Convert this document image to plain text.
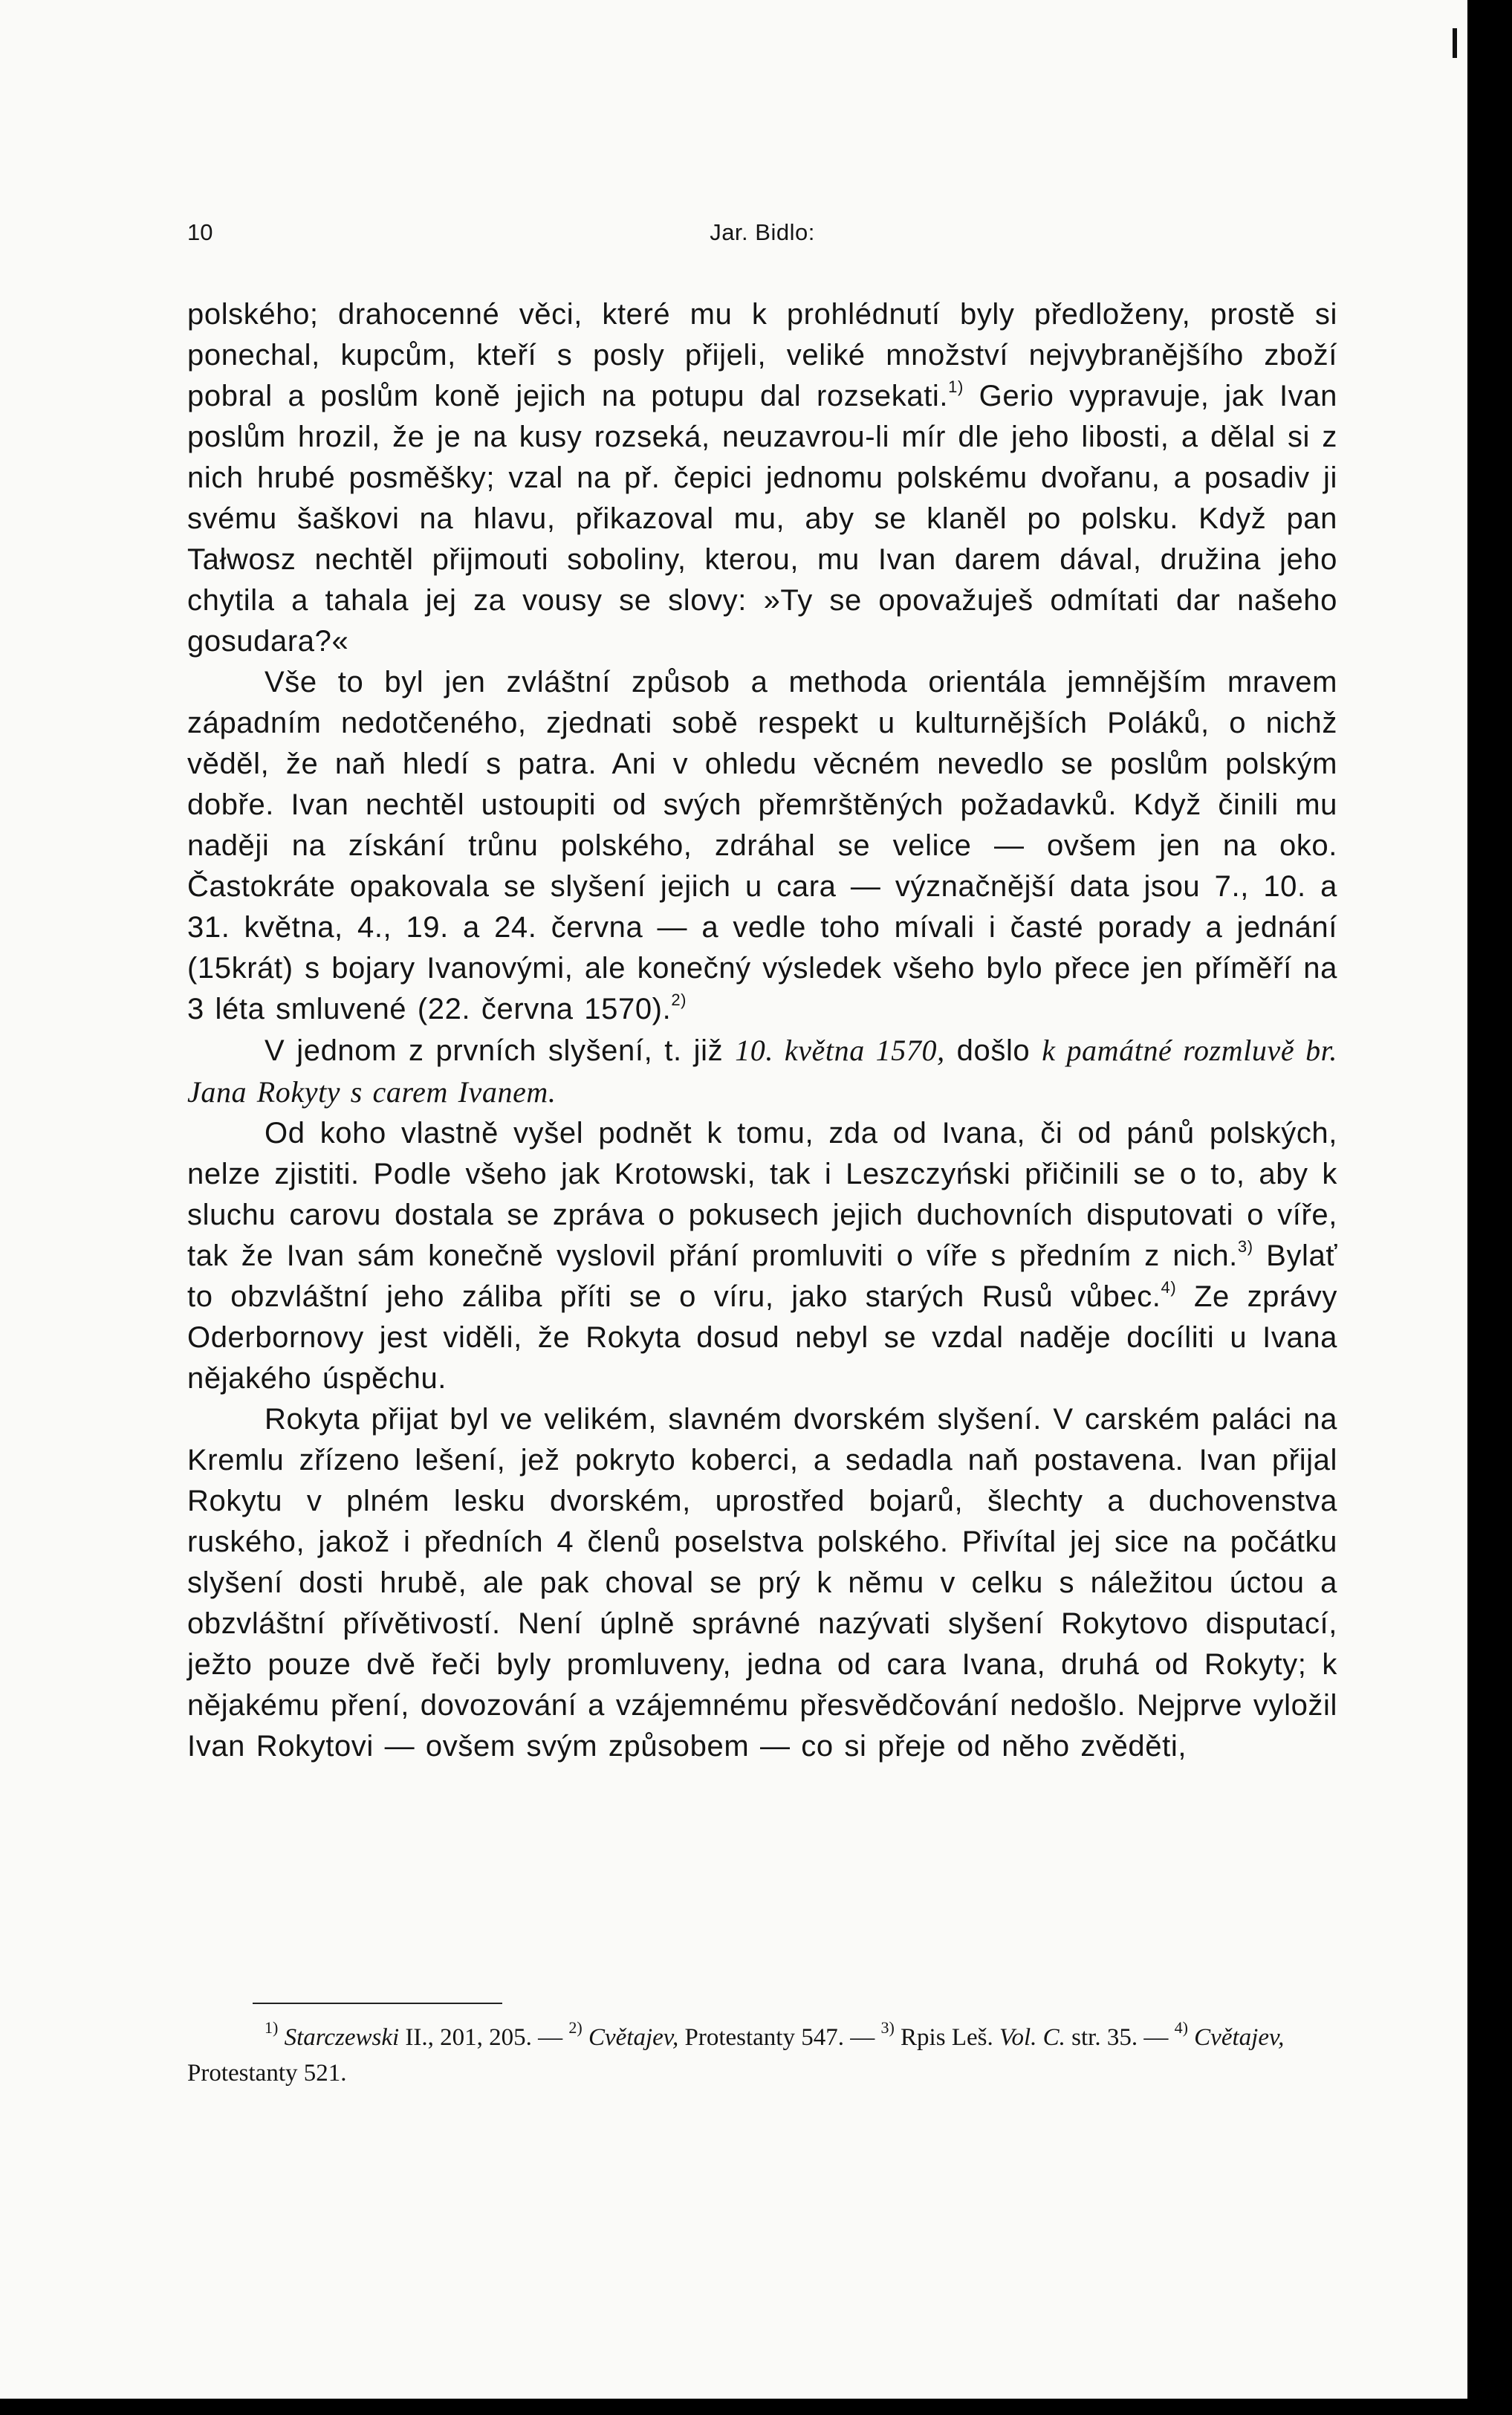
10	Jar. Bidlo:

polského; drahocenné věci, které mu k prohlédnutí byly předloženy, prostě si ponechal, kupcům, kteří s posly přijeli, veliké množství nejvybranějšího zboží pobral a poslům koně jejich na potupu dal rozsekati.$^{1)}$ Gerio vypravuje, jak Ivan poslům hrozil, že je na kusy rozseká, neuzavrou-li mír dle jeho libosti, a dělal si z nich hrubé posměšky; vzal na př. čepici jednomu polskému dvořanu, a posadiv ji svému šaškovi na hlavu, přikazoval mu, aby se klaněl po polsku. Když pan Tałwosz nechtěl přijmouti soboliny, kterou, mu Ivan darem dával, družina jeho chytila a tahala jej za vousy se slovy: »Ty se opovažuješ odmítati dar našeho gosudara?«

Vše to byl jen zvláštní způsob a methoda orientála jemnějším mravem západním nedotčeného, zjednati sobě respekt u kulturnějších Poláků, o nichž věděl, že naň hledí s patra. Ani v ohledu věcném nevedlo se poslům polským dobře. Ivan nechtěl ustoupiti od svých přemrštěných požadavků. Když činili mu naději na získání trůnu polského, zdráhal se velice — ovšem jen na oko. Častokráte opakovala se slyšení jejich u cara — význačnější data jsou 7., 10. a 31. května, 4., 19. a 24. června — a vedle toho mívali i časté porady a jednání (15krát) s bojary Ivanovými, ale konečný výsledek všeho bylo přece jen příměří na 3 léta smluvené (22. června 1570).$^{2)}$

V jednom z prvních slyšení, t. již 10. května 1570, došlo k památné rozmluvě br. Jana Rokyty s carem Ivanem.

Od koho vlastně vyšel podnět k tomu, zda od Ivana, či od pánů polských, nelze zjistiti. Podle všeho jak Krotowski, tak i Leszczyński přičinili se o to, aby k sluchu carovu dostala se zpráva o pokusech jejich duchovních disputovati o víře, tak že Ivan sám konečně vyslovil přání promluviti o víře s předním z nich.$^{3)}$ Bylať to obzvláštní jeho záliba příti se o víru, jako starých Rusů vůbec.$^{4)}$ Ze zprávy Oderbornovy jest viděli, že Rokyta dosud nebyl se vzdal naděje docíliti u Ivana nějakého úspěchu.

Rokyta přijat byl ve velikém, slavném dvorském slyšení. V carském paláci na Kremlu zřízeno lešení, jež pokryto koberci, a sedadla naň postavena. Ivan přijal Rokytu v plném lesku dvorském, uprostřed bojarů, šlechty a duchovenstva ruského, jakož i předních 4 členů poselstva polského. Přivítal jej sice na počátku slyšení dosti hrubě, ale pak choval se prý k němu v celku s náležitou úctou a obzvláštní přívětivostí. Není úplně správné nazývati slyšení Rokytovo disputací, ježto pouze dvě řeči byly promluveny, jedna od cara Ivana, druhá od Rokyty; k nějakému pření, dovozování a vzájemnému přesvědčování nedošlo. Nejprve vyložil Ivan Rokytovi — ovšem svým způsobem — co si přeje od něho zvěděti,

$^{1)}$ Starczewski II., 201, 205. — $^{2)}$ Cvětajev, Protestanty 547. — $^{3)}$ Rpis Leš. Vol. C. str. 35. — $^{4)}$ Cvětajev, Protestanty 521.
